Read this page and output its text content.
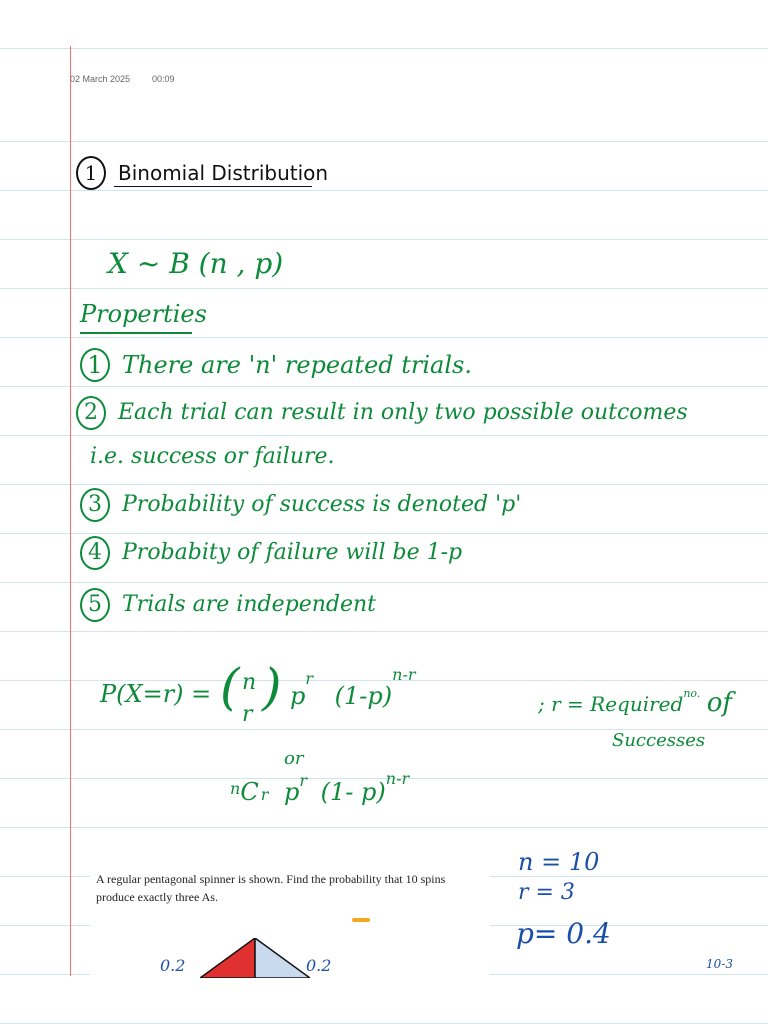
02 March 2025 00:09
1 Binomial Distribution
X ~ B (n , p)
Properties
1 There are 'n' repeated trials.
2 Each trial can result in only two possible outcomes
i.e. success or failure.
3 Probability of success is denoted 'p'
4 Probabity of failure will be 1-p
5 Trials are independent
P(X=r) = ( n
r ) $p^r$ $(1-p)^{n-r}$
; r = Required$^{no.}$ of
Successes
or
$^n$C r $p^r$ (1- p)$^{n-r}$
A regular pentagonal spinner is shown. Find the probability that 10 spins produce exactly three As.
0.2	0.2
n = 10
r = 3
p= 0.4
10-3
